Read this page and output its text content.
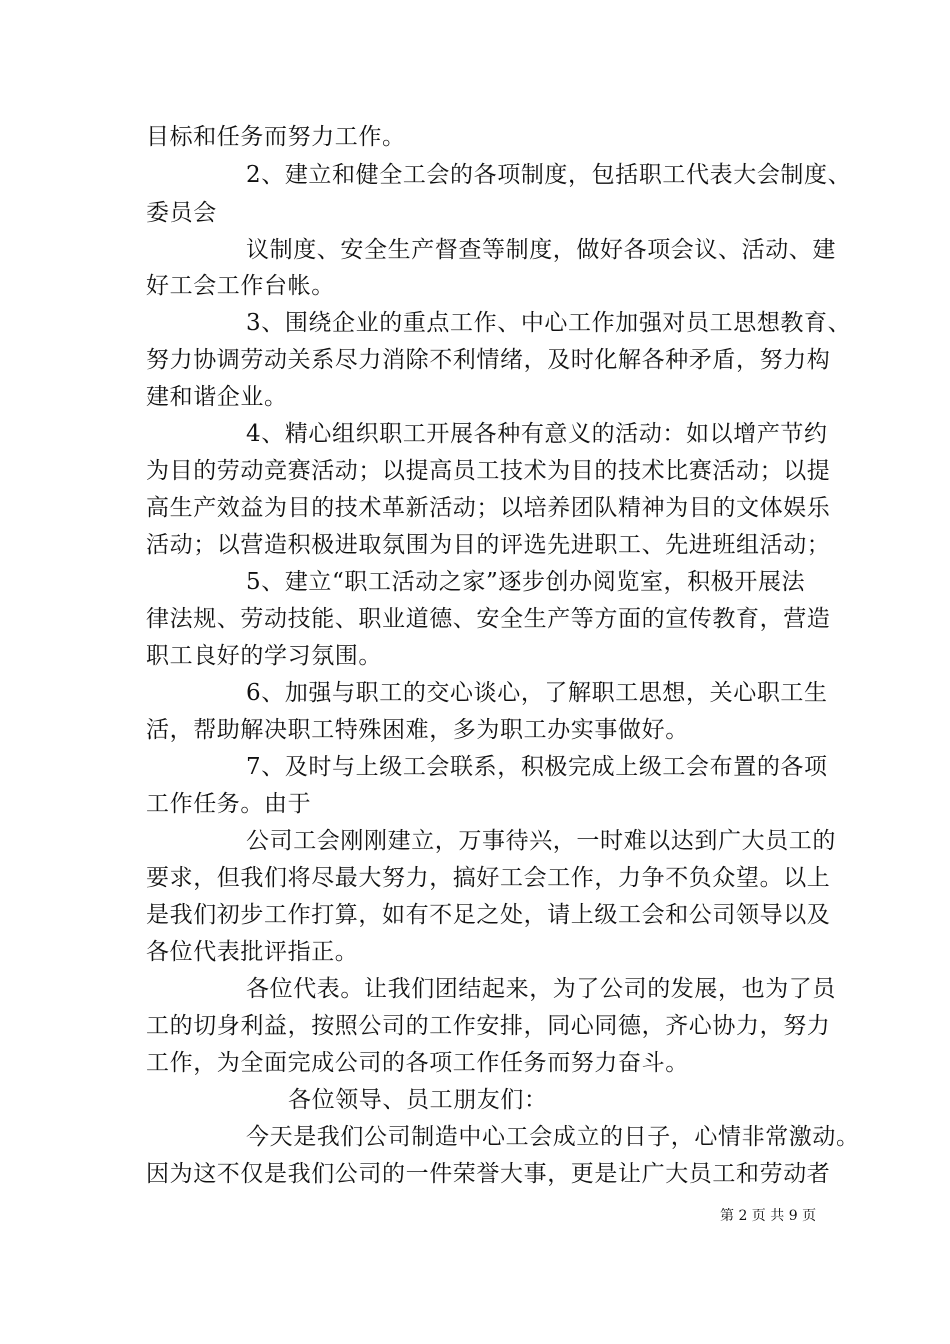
目标和任务而努力工作。

2、建立和健全工会的各项制度，包括职工代表大会制度、

委员会

议制度、安全生产督查等制度，做好各项会议、活动、建

好工会工作台帐。

3、围绕企业的重点工作、中心工作加强对员工思想教育、

努力协调劳动关系尽力消除不利情绪，及时化解各种矛盾，努力构

建和谐企业。

4、精心组织职工开展各种有意义的活动：如以增产节约

为目的劳动竞赛活动；以提高员工技术为目的技术比赛活动；以提

高生产效益为目的技术革新活动；以培养团队精神为目的文体娱乐

活动；以营造积极进取氛围为目的评选先进职工、先进班组活动；

5、建立“职工活动之家”逐步创办阅览室，积极开展法

律法规、劳动技能、职业道德、安全生产等方面的宣传教育，营造

职工良好的学习氛围。

6、加强与职工的交心谈心，了解职工思想，关心职工生

活，帮助解决职工特殊困难，多为职工办实事做好。

7、及时与上级工会联系，积极完成上级工会布置的各项

工作任务。由于

公司工会刚刚建立，万事待兴，一时难以达到广大员工的

要求，但我们将尽最大努力，搞好工会工作，力争不负众望。以上

是我们初步工作打算，如有不足之处，请上级工会和公司领导以及

各位代表批评指正。

各位代表。让我们团结起来，为了公司的发展，也为了员

工的切身利益，按照公司的工作安排，同心同德，齐心协力，努力

工作，为全面完成公司的各项工作任务而努力奋斗。

各位领导、员工朋友们：

今天是我们公司制造中心工会成立的日子，心情非常激动。

因为这不仅是我们公司的一件荣誉大事，更是让广大员工和劳动者

第 2 页 共 9 页
